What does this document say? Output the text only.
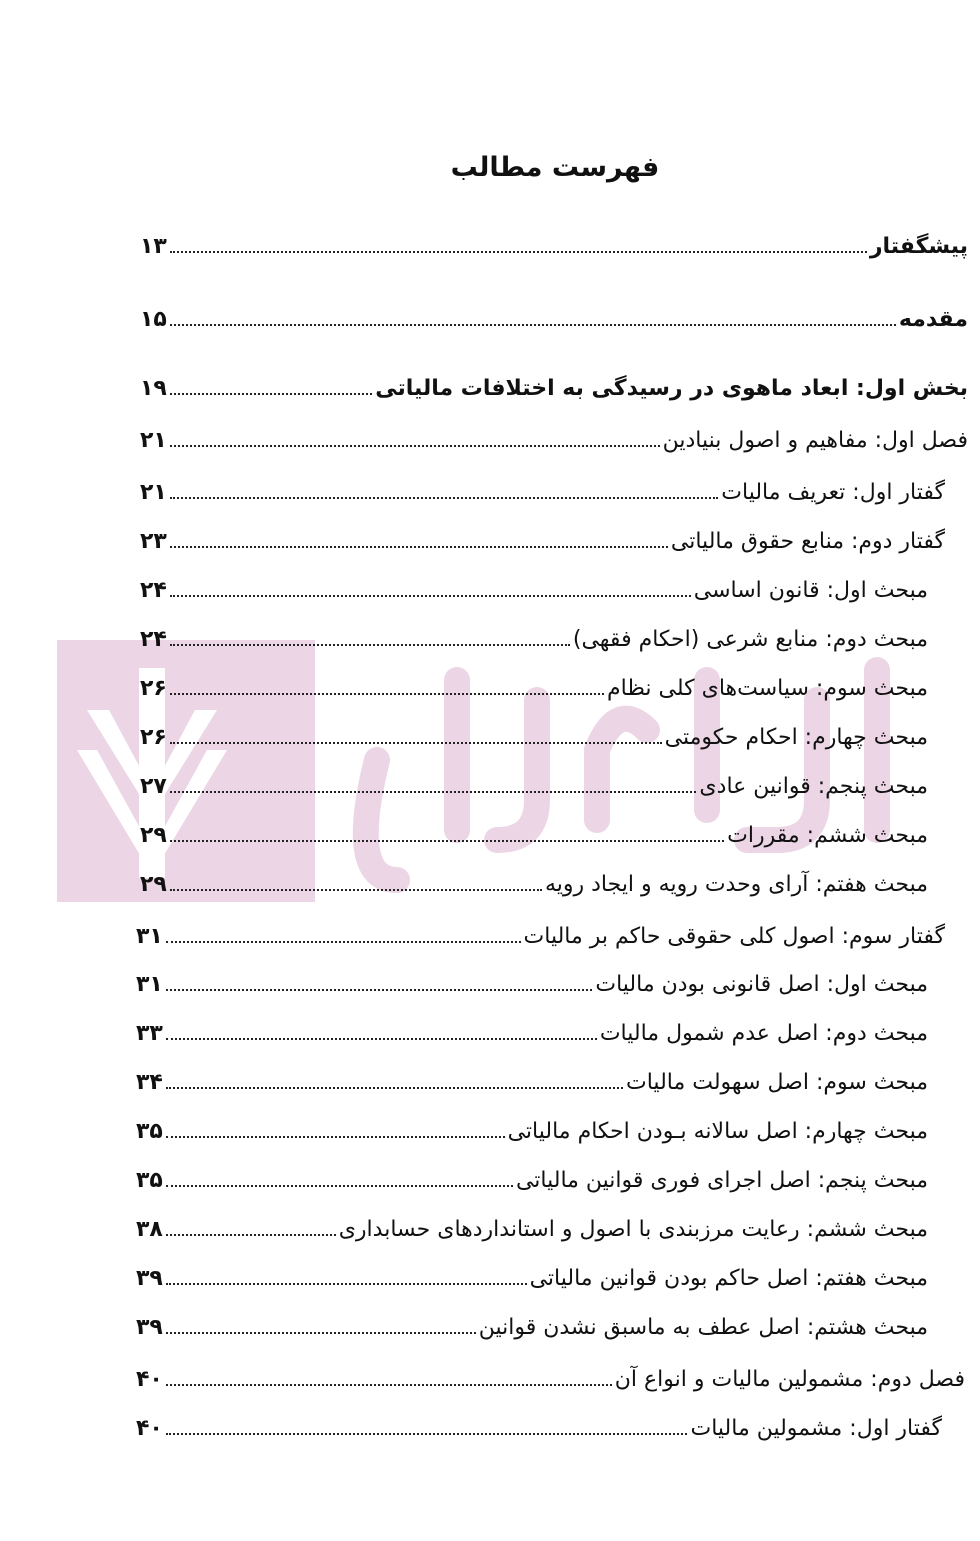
فهرست مطالب
پیشگفتار
۱۳
مقدمه
۱۵
بخش اول: ابعاد ماهوی در رسیدگی به اختلافات مالیاتی
۱۹
فصل اول: مفاهیم و اصول بنیادین
۲۱
گفتار اول: تعریف مالیات
۲۱
گفتار دوم: منابع حقوق مالیاتی
۲۳
مبحث اول: قانون اساسی
۲۴
مبحث دوم: منابع شرعی (احکام فقهی)
۲۴
مبحث سوم: سیاست‌های کلی نظام
۲۶
مبحث چهارم: احکام حکومتی
۲۶
مبحث پنجم: قوانین عادی
۲۷
مبحث ششم: مقررات
۲۹
مبحث هفتم: آرای وحدت رویه و ایجاد رویه
۲۹
گفتار سوم: اصول کلی حقوقی حاکم بر مالیات
۳۱
مبحث اول: اصل قانونی بودن مالیات
۳۱
مبحث دوم: اصل عدم شمول مالیات
۳۳
مبحث سوم: اصل سهولت مالیات
۳۴
مبحث چهارم: اصل سالانه بـودن احکام مالیاتی
۳۵
مبحث پنجم: اصل اجرای فوری قوانین مالیاتی
۳۵
مبحث ششم: رعایت مرزبندی با اصول و استانداردهای حسابداری
۳۸
مبحث هفتم: اصل حاکم بودن قوانین مالیاتی
۳۹
مبحث هشتم: اصل عطف به ماسبق نشدن قوانین
۳۹
فصل دوم: مشمولین مالیات و انواع آن
۴۰
گفتار اول: مشمولین مالیات
۴۰
